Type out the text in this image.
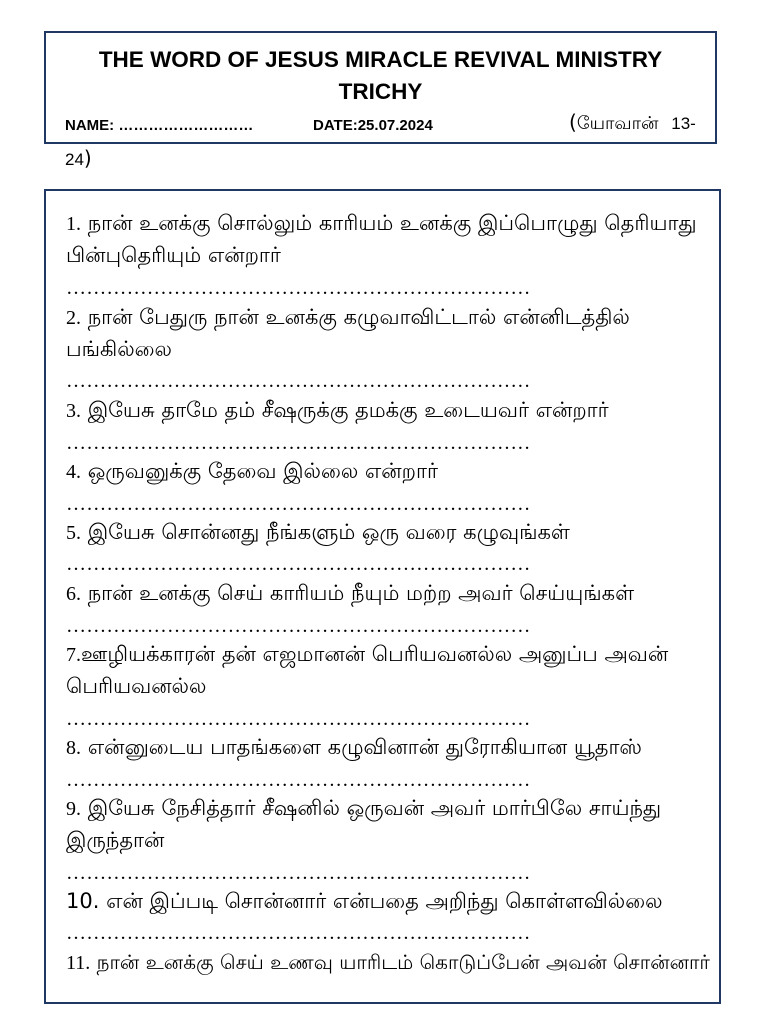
THE WORD OF JESUS MIRACLE REVIVAL MINISTRY
TRICHY
NAME: ………………………	DATE:25.07.2024	(யோவான் 13-
24)
1. நான் உனக்கு சொல்லும் காரியம் உனக்கு இப்பொழுது தெரியாது
பின்புதெரியும் என்றார்
……………………………………………………………
2. நான் பேதுரு நான் உனக்கு கழுவாவிட்டால் என்னிடத்தில்
பங்கில்லை
……………………………………………………………
3. இயேசு தாமே தம் சீஷருக்கு தமக்கு உடையவர் என்றார்
……………………………………………………………
4. ஒருவனுக்கு தேவை இல்லை என்றார்
……………………………………………………………
5. இயேசு சொன்னது நீங்களும் ஒரு வரை கழுவுங்கள்
……………………………………………………………
6. நான் உனக்கு செய் காரியம் நீயும் மற்ற அவர் செய்யுங்கள்
……………………………………………………………
7.ஊழியக்காரன் தன் எஜமானன் பெரியவனல்ல அனுப்ப அவன்
பெரியவனல்ல
……………………………………………………………
8. என்னுடைய பாதங்களை கழுவினான் துரோகியான யூதாஸ்
……………………………………………………………
9. இயேசு நேசித்தார் சீஷனில் ஒருவன் அவர் மார்பிலே சாய்ந்து
இருந்தான்
……………………………………………………………
10. என் இப்படி சொன்னார் என்பதை அறிந்து கொள்ளவில்லை
……………………………………………………………
11. நான் உனக்கு செய் உணவு யாரிடம் கொடுப்பேன் அவன் சொன்னார்
